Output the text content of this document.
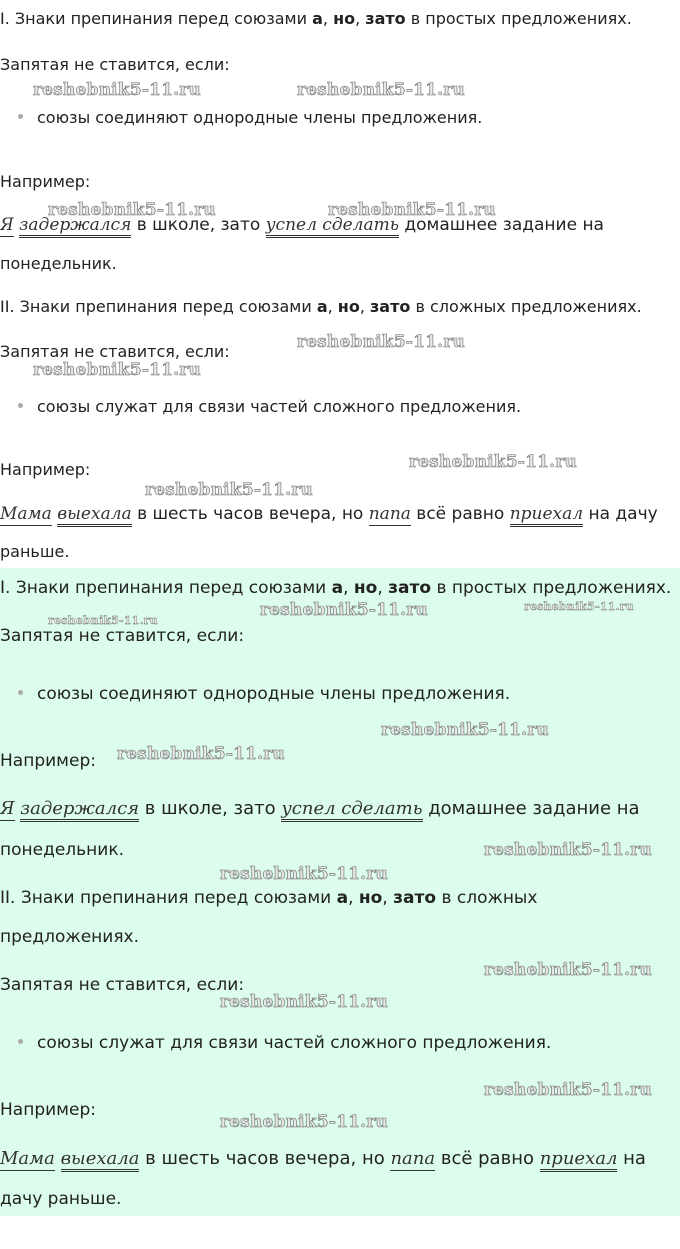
I. Знаки препинания перед союзами а, но, зато в простых предложениях.
Запятая не ставится, если:
союзы соединяют однородные члены предложения.
Например:
Я задержался в школе, зато успел сделать домашнее задание на
понедельник.
II. Знаки препинания перед союзами а, но, зато в сложных предложениях.
Запятая не ставится, если:
союзы служат для связи частей сложного предложения.
Например:
Мама выехала в шесть часов вечера, но папа всё равно приехал на дачу
раньше.
I. Знаки препинания перед союзами а, но, зато в простых предложениях.
Запятая не ставится, если:
союзы соединяют однородные члены предложения.
Например:
Я задержался в школе, зато успел сделать домашнее задание на
понедельник.
II. Знаки препинания перед союзами а, но, зато в сложных
предложениях.
Запятая не ставится, если:
союзы служат для связи частей сложного предложения.
Например:
Мама выехала в шесть часов вечера, но папа всё равно приехал на
дачу раньше.
reshebnik5-11.ru	reshebnik5-11.ru
reshebnik5-11.ru	reshebnik5-11.ru
reshebnik5-11.ru
reshebnik5-11.ru
reshebnik5-11.ru
reshebnik5-11.ru
reshebnik5-11.ru	reshebnik5-11.ru
reshebnik5-11.ru
reshebnik5-11.ru
reshebnik5-11.ru
reshebnik5-11.ru
reshebnik5-11.ru
reshebnik5-11.ru
reshebnik5-11.ru
reshebnik5-11.ru
reshebnik5-11.ru
